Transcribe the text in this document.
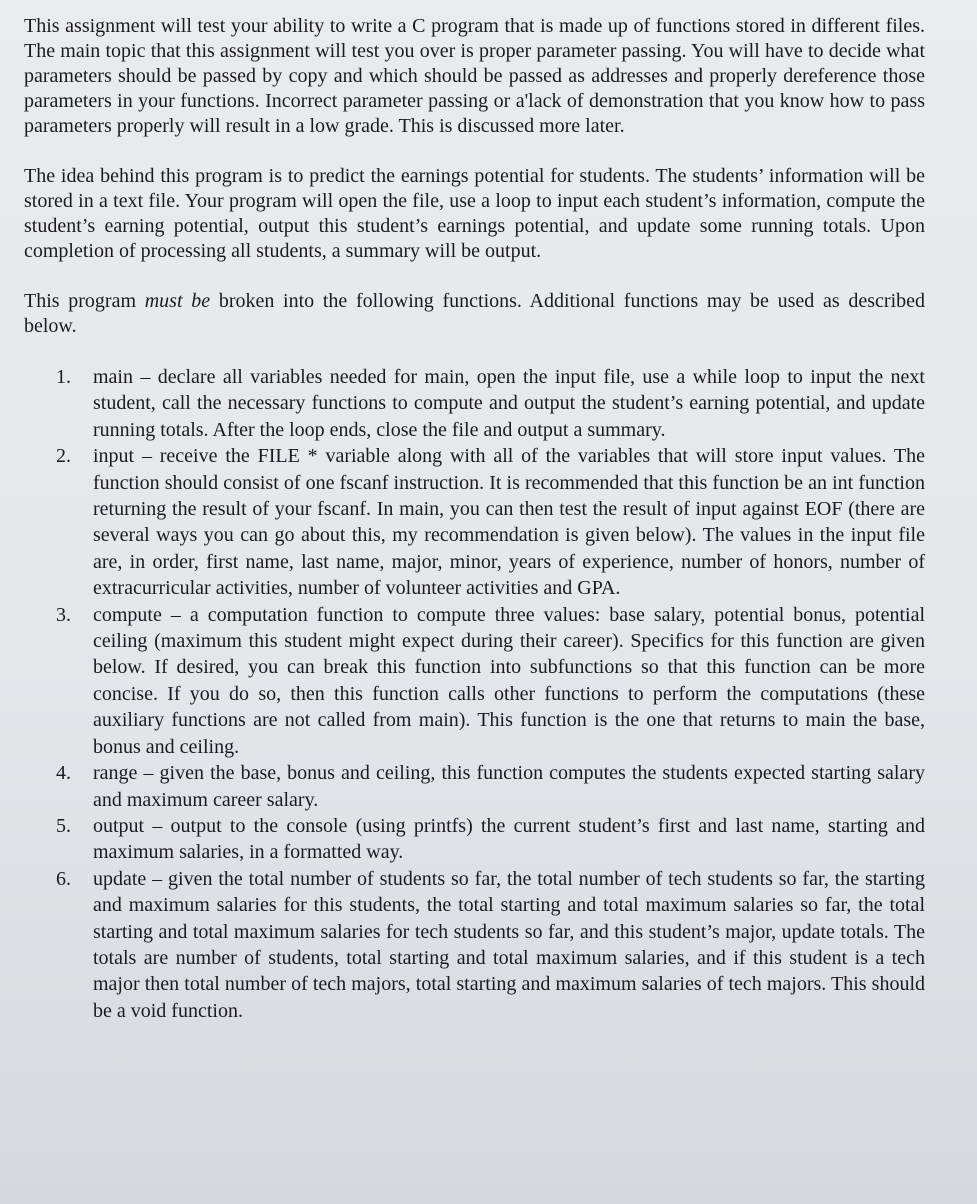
This assignment will test your ability to write a C program that is made up of functions stored in different files. The main topic that this assignment will test you over is proper parameter passing. You will have to decide what parameters should be passed by copy and which should be passed as addresses and properly dereference those parameters in your functions. Incorrect parameter passing or a'lack of demonstration that you know how to pass parameters properly will result in a low grade. This is discussed more later.

The idea behind this program is to predict the earnings potential for students. The students’ information will be stored in a text file. Your program will open the file, use a loop to input each student’s information, compute the student’s earning potential, output this student’s earnings potential, and update some running totals. Upon completion of processing all students, a summary will be output.

This program must be broken into the following functions. Additional functions may be used as described below.

1.	main – declare all variables needed for main, open the input file, use a while loop to input the next student, call the necessary functions to compute and output the student’s earning potential, and update running totals. After the loop ends, close the file and output a summary.
2.	input – receive the FILE * variable along with all of the variables that will store input values. The function should consist of one fscanf instruction. It is recommended that this function be an int function returning the result of your fscanf. In main, you can then test the result of input against EOF (there are several ways you can go about this, my recommendation is given below). The values in the input file are, in order, first name, last name, major, minor, years of experience, number of honors, number of extracurricular activities, number of volunteer activities and GPA.
3.	compute – a computation function to compute three values: base salary, potential bonus, potential ceiling (maximum this student might expect during their career). Specifics for this function are given below. If desired, you can break this function into subfunctions so that this function can be more concise. If you do so, then this function calls other functions to perform the computations (these auxiliary functions are not called from main). This function is the one that returns to main the base, bonus and ceiling.
4.	range – given the base, bonus and ceiling, this function computes the students expected starting salary and maximum career salary.
5.	output – output to the console (using printfs) the current student’s first and last name, starting and maximum salaries, in a formatted way.
6.	update – given the total number of students so far, the total number of tech students so far, the starting and maximum salaries for this students, the total starting and total maximum salaries so far, the total starting and total maximum salaries for tech students so far, and this student’s major, update totals. The totals are number of students, total starting and total maximum salaries, and if this student is a tech major then total number of tech majors, total starting and maximum salaries of tech majors. This should be a void function.
